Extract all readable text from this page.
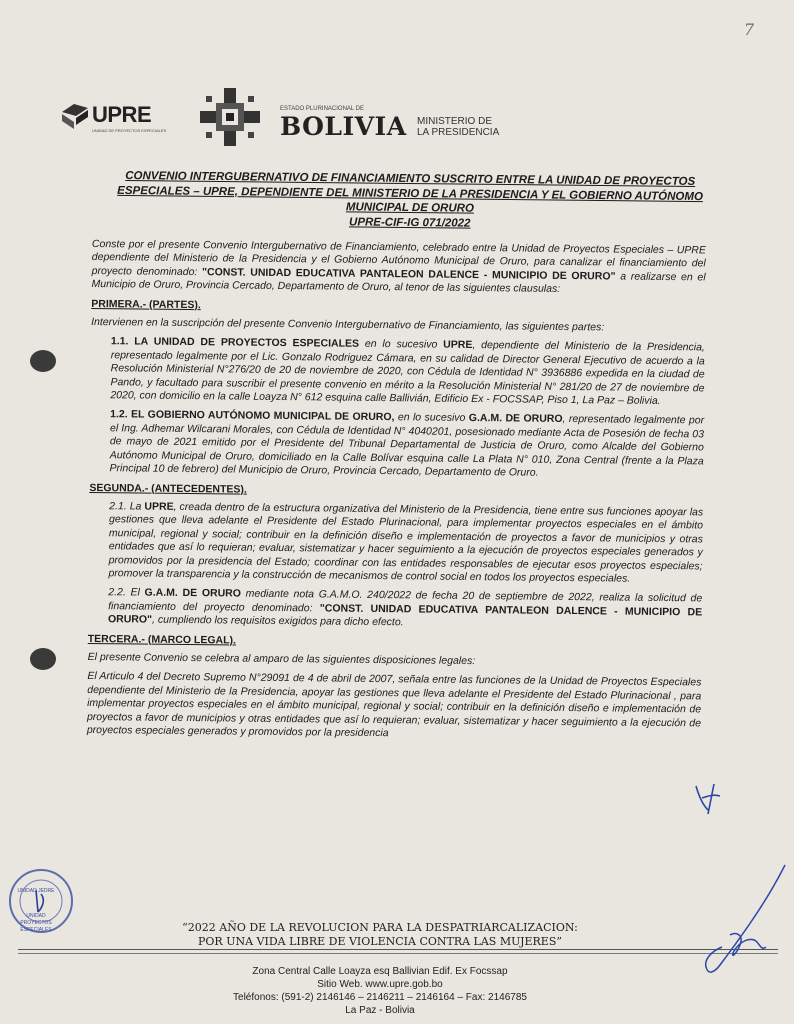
7
UPRE
UNIDAD DE PROYECTOS ESPECIALES
ESTADO PLURINACIONAL DE
BOLIVIA MINISTERIO DE
LA PRESIDENCIA
CONVENIO INTERGUBERNATIVO DE FINANCIAMIENTO SUSCRITO ENTRE LA UNIDAD DE PROYECTOS
ESPECIALES – UPRE, DEPENDIENTE DEL MINISTERIO DE LA PRESIDENCIA Y EL GOBIERNO AUTÓNOMO
MUNICIPAL DE ORURO
UPRE-CIF-IG 071/2022

Conste por el presente Convenio Intergubernativo de Financiamiento, celebrado entre la Unidad de Proyectos Especiales – UPRE dependiente del Ministerio de la Presidencia y el Gobierno Autónomo Municipal de Oruro, para canalizar el financiamiento del proyecto denominado: "CONST. UNIDAD EDUCATIVA PANTALEON DALENCE - MUNICIPIO DE ORURO" a realizarse en el Municipio de Oruro, Provincia Cercado, Departamento de Oruro, al tenor de las siguientes clausulas:

PRIMERA.- (PARTES).

Intervienen en la suscripción del presente Convenio Intergubernativo de Financiamiento, las siguientes partes:

1.1. LA UNIDAD DE PROYECTOS ESPECIALES en lo sucesivo UPRE, dependiente del Ministerio de la Presidencia, representado legalmente por el Lic. Gonzalo Rodriguez Cámara, en su calidad de Director General Ejecutivo de acuerdo a la Resolución Ministerial N°276/20 de 20 de noviembre de 2020, con Cédula de Identidad N° 3936886 expedida en la ciudad de Pando, y facultado para suscribir el presente convenio en mérito a la Resolución Ministerial N° 281/20 de 27 de noviembre de 2020, con domicilio en la calle Loayza N° 612 esquina calle Ballivián, Edificio Ex - FOCSSAP, Piso 1, La Paz – Bolivia.

1.2. EL GOBIERNO AUTÓNOMO MUNICIPAL DE ORURO, en lo sucesivo G.A.M. DE ORURO, representado legalmente por el Ing. Adhemar Wilcarani Morales, con Cédula de Identidad N° 4040201, posesionado mediante Acta de Posesión de fecha 03 de mayo de 2021 emitido por el Presidente del Tribunal Departamental de Justicia de Oruro, como Alcalde del Gobierno Autónomo Municipal de Oruro, domiciliado en la Calle Bolívar esquina calle La Plata N° 010, Zona Central (frente a la Plaza Principal 10 de febrero) del Municipio de Oruro, Provincia Cercado, Departamento de Oruro.

SEGUNDA.- (ANTECEDENTES).

2.1. La UPRE, creada dentro de la estructura organizativa del Ministerio de la Presidencia, tiene entre sus funciones apoyar las gestiones que lleva adelante el Presidente del Estado Plurinacional, para implementar proyectos especiales en el ámbito municipal, regional y social; contribuir en la definición diseño e implementación de proyectos a favor de municipios y otras entidades que así lo requieran; evaluar, sistematizar y hacer seguimiento a la ejecución de proyectos especiales generados y promovidos por la presidencia del Estado; coordinar con las entidades responsables de ejecutar esos proyectos especiales; promover la transparencia y la construcción de mecanismos de control social en todos los proyectos especiales.

2.2. El G.A.M. DE ORURO mediante nota G.A.M.O. 240/2022 de fecha 20 de septiembre de 2022, realiza la solicitud de financiamiento del proyecto denominado: "CONST. UNIDAD EDUCATIVA PANTALEON DALENCE - MUNICIPIO DE ORURO", cumpliendo los requisitos exigidos para dicho efecto.

TERCERA.- (MARCO LEGAL).

El presente Convenio se celebra al amparo de las siguientes disposiciones legales:

El Articulo 4 del Decreto Supremo N°29091 de 4 de abril de 2007, señala entre las funciones de la Unidad de Proyectos Especiales dependiente del Ministerio de la Presidencia, apoyar las gestiones que lleva adelante el Presidente del Estado Plurinacional , para implementar proyectos especiales en el ámbito municipal, regional y social; contribuir en la definición diseño e implementación de proyectos a favor de municipios y otras entidades que así lo requieran; evaluar, sistematizar y hacer seguimiento a la ejecución de proyectos especiales generados y promovidos por la presidencia

“2022 AÑO DE LA REVOLUCION PARA LA DESPATRIARCALIZACION:
POR UNA VIDA LIBRE DE VIOLENCIA CONTRA LAS MUJERES”
Zona Central Calle Loayza esq Ballivian Edif. Ex Focssap
Sitio Web. www.upre.gob.bo
Teléfonos: (591-2) 2146146 – 2146211 – 2146164 – Fax: 2146785
La Paz - Bolivia
UNIDAD JEDRE
UNIDAD PROYECTOS ESPECIALES
